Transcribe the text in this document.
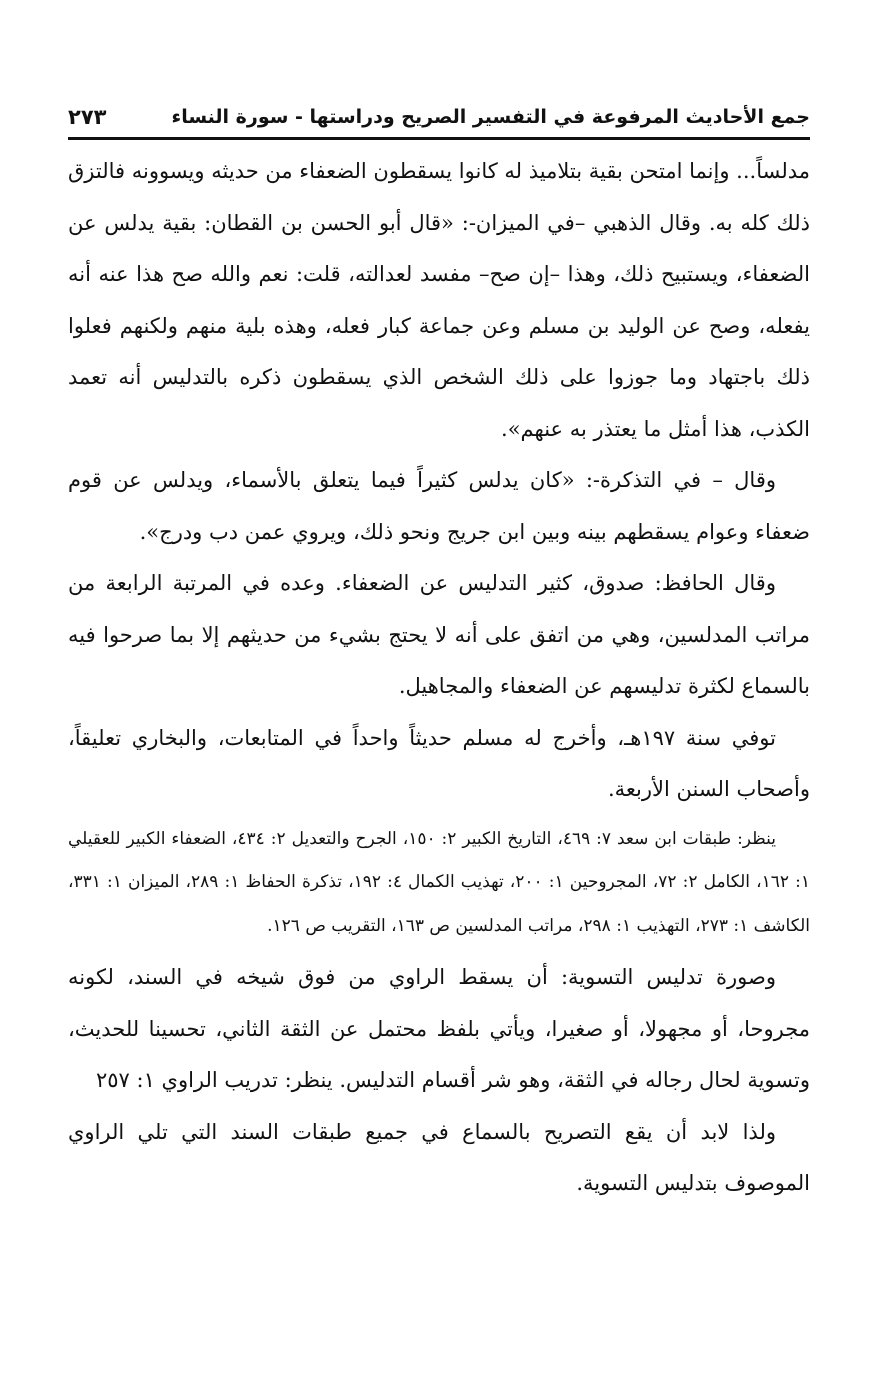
جمع الأحاديث المرفوعة في التفسير الصريح ودراستها - سورة النساء
٢٧٣

مدلساً... وإنما امتحن بقية بتلاميذ له كانوا يسقطون الضعفاء من حديثه ويسوونه فالتزق ذلك كله به. وقال الذهبي –في الميزان-: «قال أبو الحسن بن القطان: بقية يدلس عن الضعفاء، ويستبيح ذلك، وهذا –إن صح– مفسد لعدالته، قلت: نعم والله صح هذا عنه أنه يفعله، وصح عن الوليد بن مسلم وعن جماعة كبار فعله، وهذه بلية منهم ولكنهم فعلوا ذلك باجتهاد وما جوزوا على ذلك الشخص الذي يسقطون ذكره بالتدليس أنه تعمد الكذب، هذا أمثل ما يعتذر به عنهم».

وقال – في التذكرة-: «كان يدلس كثيراً فيما يتعلق بالأسماء، ويدلس عن قوم ضعفاء وعوام يسقطهم بينه وبين ابن جريج ونحو ذلك، ويروي عمن دب ودرج».

وقال الحافظ: صدوق، كثير التدليس عن الضعفاء. وعده في المرتبة الرابعة من مراتب المدلسين، وهي من اتفق على أنه لا يحتج بشيء من حديثهم إلا بما صرحوا فيه بالسماع لكثرة تدليسهم عن الضعفاء والمجاهيل.

توفي سنة ١٩٧هـ، وأخرج له مسلم حديثاً واحداً في المتابعات، والبخاري تعليقاً، وأصحاب السنن الأربعة.

ينظر: طبقات ابن سعد ٧: ٤٦٩، التاريخ الكبير ٢: ١٥٠، الجرح والتعديل ٢: ٤٣٤، الضعفاء الكبير للعقيلي ١: ١٦٢، الكامل ٢: ٧٢، المجروحين ١: ٢٠٠، تهذيب الكمال ٤: ١٩٢، تذكرة الحفاظ ١: ٢٨٩، الميزان ١: ٣٣١، الكاشف ١: ٢٧٣، التهذيب ١: ٢٩٨، مراتب المدلسين ص ١٦٣، التقريب ص ١٢٦.

وصورة تدليس التسوية: أن يسقط الراوي من فوق شيخه في السند، لكونه مجروحا، أو مجهولا، أو صغيرا، ويأتي بلفظ محتمل عن الثقة الثاني، تحسينا للحديث، وتسوية لحال رجاله في الثقة، وهو شر أقسام التدليس. ينظر: تدريب الراوي ١: ٢٥٧

ولذا لابد أن يقع التصريح بالسماع في جميع طبقات السند التي تلي الراوي الموصوف بتدليس التسوية.
